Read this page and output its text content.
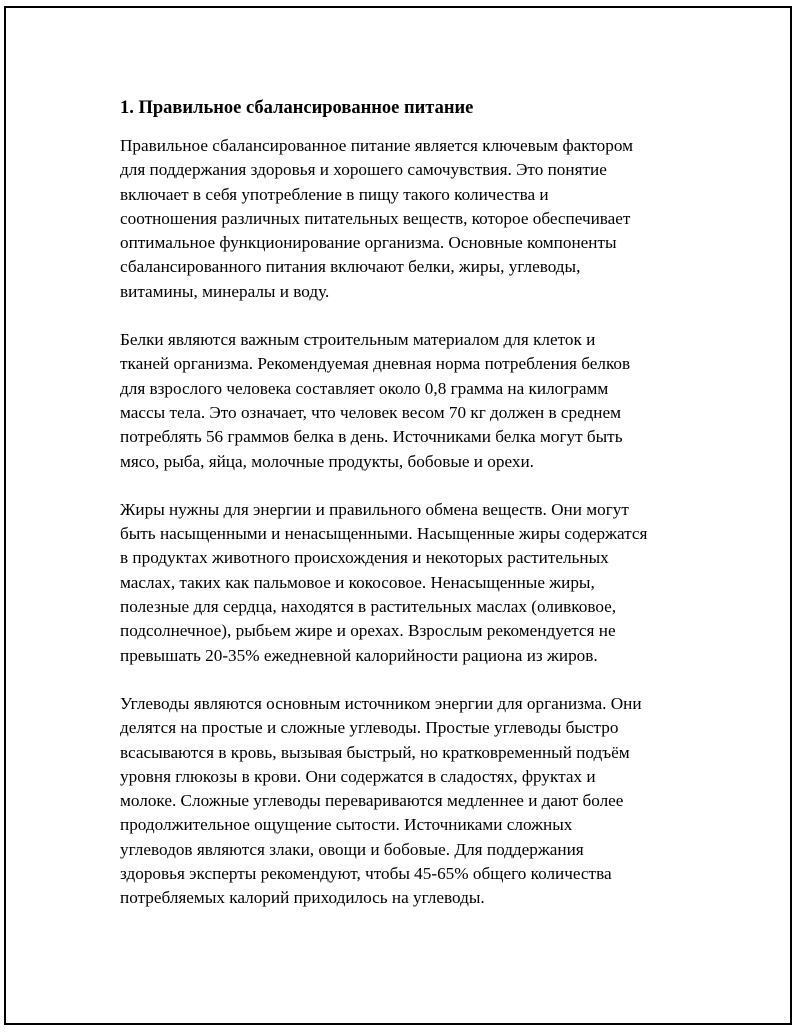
1. Правильное сбалансированное питание

Правильное сбалансированное питание является ключевым фактором
для поддержания здоровья и хорошего самочувствия. Это понятие
включает в себя употребление в пищу такого количества и
соотношения различных питательных веществ, которое обеспечивает
оптимальное функционирование организма. Основные компоненты
сбалансированного питания включают белки, жиры, углеводы,
витамины, минералы и воду.

Белки являются важным строительным материалом для клеток и
тканей организма. Рекомендуемая дневная норма потребления белков
для взрослого человека составляет около 0,8 грамма на килограмм
массы тела. Это означает, что человек весом 70 кг должен в среднем
потреблять 56 граммов белка в день. Источниками белка могут быть
мясо, рыба, яйца, молочные продукты, бобовые и орехи.

Жиры нужны для энергии и правильного обмена веществ. Они могут
быть насыщенными и ненасыщенными. Насыщенные жиры содержатся
в продуктах животного происхождения и некоторых растительных
маслах, таких как пальмовое и кокосовое. Ненасыщенные жиры,
полезные для сердца, находятся в растительных маслах (оливковое,
подсолнечное), рыбьем жире и орехах. Взрослым рекомендуется не
превышать 20-35% ежедневной калорийности рациона из жиров.

Углеводы являются основным источником энергии для организма. Они
делятся на простые и сложные углеводы. Простые углеводы быстро
всасываются в кровь, вызывая быстрый, но кратковременный подъём
уровня глюкозы в крови. Они содержатся в сладостях, фруктах и
молоке. Сложные углеводы перевариваются медленнее и дают более
продолжительное ощущение сытости. Источниками сложных
углеводов являются злаки, овощи и бобовые. Для поддержания
здоровья эксперты рекомендуют, чтобы 45-65% общего количества
потребляемых калорий приходилось на углеводы.
